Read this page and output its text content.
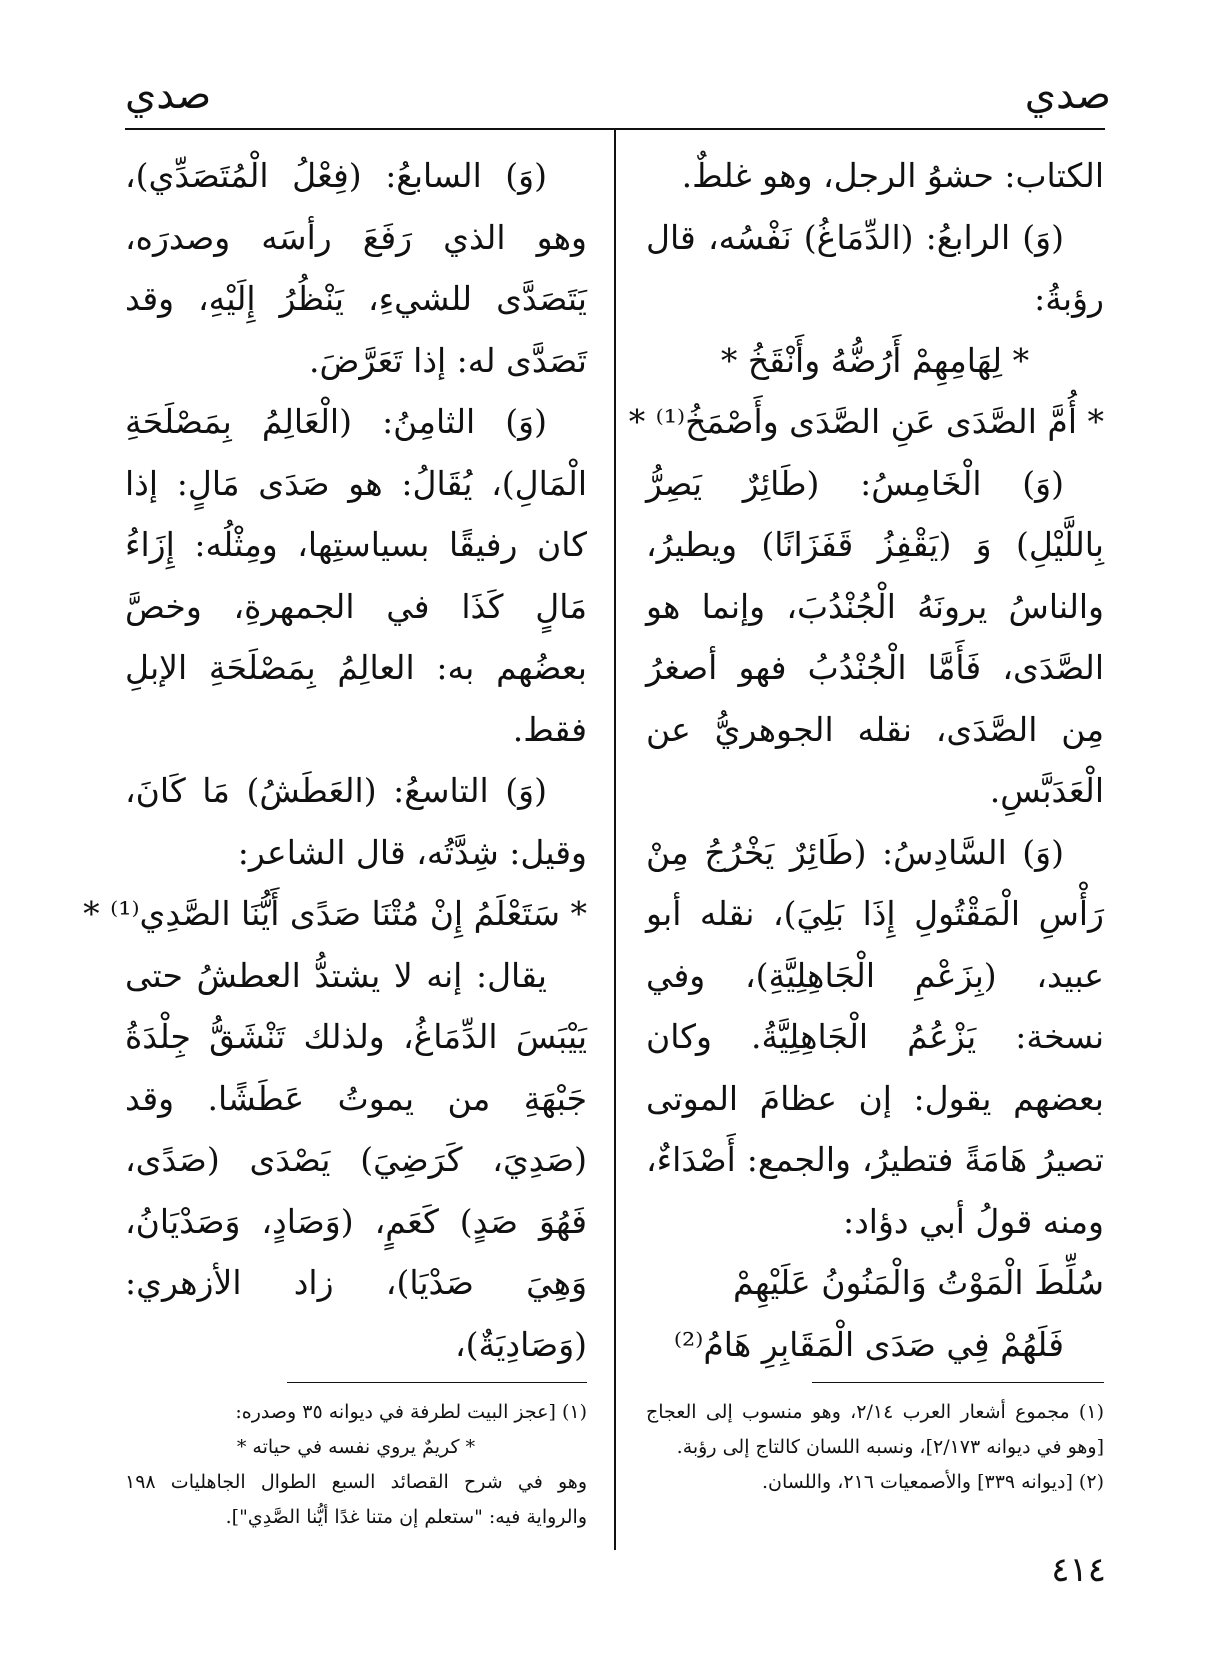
صدي
صدي

الكتاب: حشوُ الرجل، وهو غلطٌ.

(وَ) الرابعُ: (الدِّمَاغُ) نَفْسُه، قال رؤبةُ:

* لِهَامِهِمْ أَرُضُّهُ وأَنْقَخُ *

* أُمَّ الصَّدَى عَنِ الصَّدَى وأَصْمَخُ⁽¹⁾ *

(وَ) الْخَامِسُ: (طَائِرٌ يَصِرُّ بِاللَّيْلِ) وَ (يَقْفِزُ قَفَزَانًا) ويطيرُ، والناسُ يرونَهُ الْجُنْدُبَ، وإنما هو الصَّدَى، فَأَمَّا الْجُنْدُبُ فهو أصغرُ مِن الصَّدَى، نقله الجوهريُّ عن الْعَدَبَّسِ.

(وَ) السَّادِسُ: (طَائِرٌ يَخْرُجُ مِنْ رَأْسِ الْمَقْتُولِ إِذَا بَلِيَ)، نقله أبو عبيد، (بِزَعْمِ الْجَاهِلِيَّةِ)، وفي نسخة: يَزْعُمُ الْجَاهِلِيَّةُ. وكان بعضهم يقول: إن عظامَ الموتى تصيرُ هَامَةً فتطيرُ، والجمع: أَصْدَاءٌ، ومنه قولُ أبي دؤاد:

سُلِّطَ الْمَوْتُ وَالْمَنُونُ عَلَيْهِمْ

فَلَهُمْ فِي صَدَى الْمَقَابِرِ هَامُ⁽²⁾

(وَ) السابعُ: (فِعْلُ الْمُتَصَدِّي)، وهو الذي رَفَعَ رأسَه وصدرَه، يَتَصَدَّى للشيءِ، يَنْظُرُ إِلَيْهِ، وقد تَصَدَّى له: إذا تَعَرَّضَ.

(وَ) الثامِنُ: (الْعَالِمُ بِمَصْلَحَةِ الْمَالِ)، يُقَالُ: هو صَدَى مَالٍ: إذا كان رفيقًا بسياستِها، ومِثْلُه: إِزَاءُ مَالٍ كَذَا في الجمهرةِ، وخصَّ بعضُهم به: العالِمُ بِمَصْلَحَةِ الإبلِ فقط.

(وَ) التاسعُ: (العَطَشُ) مَا كَانَ، وقيل: شِدَّتُه، قال الشاعر:

* سَتَعْلَمُ إِنْ مُتْنَا صَدًى أَيُّنَا الصَّدِي⁽¹⁾ *

يقال: إنه لا يشتدُّ العطشُ حتى يَيْبَسَ الدِّمَاغُ، ولذلك تَنْشَقُّ جِلْدَةُ جَبْهَةِ من يموتُ عَطَشًا. وقد (صَدِيَ، كَرَضِيَ) يَصْدَى (صَدًى، فَهُوَ صَدٍ) كَعَمٍ، (وَصَادٍ، وَصَدْيَانُ، وَهِيَ صَدْيَا)، زاد الأزهري: (وَصَادِيَةٌ)،

(١) مجموع أشعار العرب ٢/١٤، وهو منسوب إلى العجاج [وهو في ديوانه ٢/١٧٣]، ونسبه اللسان كالتاج إلى رؤبة.

(٢) [ديوانه ٣٣٩] والأصمعيات ٢١٦، واللسان.

(١) [عجز البيت لطرفة في ديوانه ٣٥ وصدره:

* كريمٌ يروي نفسه في حياته *

وهو في شرح القصائد السبع الطوال الجاهليات ١٩٨ والرواية فيه: "ستعلم إن متنا غدًا أيُّنا الصَّدِي"].

٤١٤
